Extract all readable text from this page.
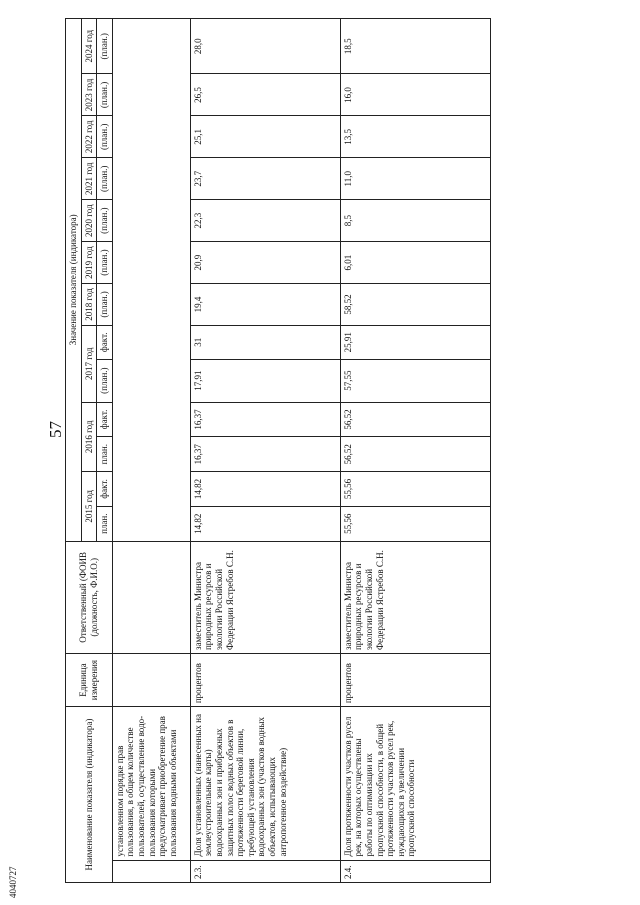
57
4040727
Наименование показателя (индикатора)		Единица измерения	Ответственный (ФОИВ (должность, Ф.И.О.)	Значение показателя (индикатора)												
				2015 год		2016 год		2017 год		2018 год	2019 год	2020 год	2021 год	2022 год	2023 год	2024 год
				план.	факт.	план.	факт.	(план.)	факт.	(план.)	(план.)	(план.)	(план.)	(план.)	(план.)	(план.)
	установленном порядке прав пользования, в общем количестве пользователей, осуществление водо-пользования которыми предусматривает приобретение прав пользования водными объектами															
2.3.	Доля установленных (нанесенных на землеустроительные карты) водоохранных зон и прибрежных защитных полос водных объектов в протяженности береговой линии, требующей установления водоохранных зон (участков водных объектов, испытывающих антропогенное воздействие)	процентов	заместитель Министра природных ресурсов и экологии Российской Федерации Ястребов С.Н.	14,82	14,82	16,37	16,37	17,91	31	19,4	20,9	22,3	23,7	25,1	26,5	28,0
2.4.	Доля протяженности участков русел рек, на которых осуществлены работы по оптимизации их пропускной способности, в общей протяженности участков русел рек, нуждающихся в увеличении пропускной способности	процентов	заместитель Министра природных ресурсов и экологии Российской Федерации Ястребов С.Н.	55,56	55,56	56,52	56,52	57,55	25,91	58,52	6,01	8,5	11,0	13,5	16,0	18,5
